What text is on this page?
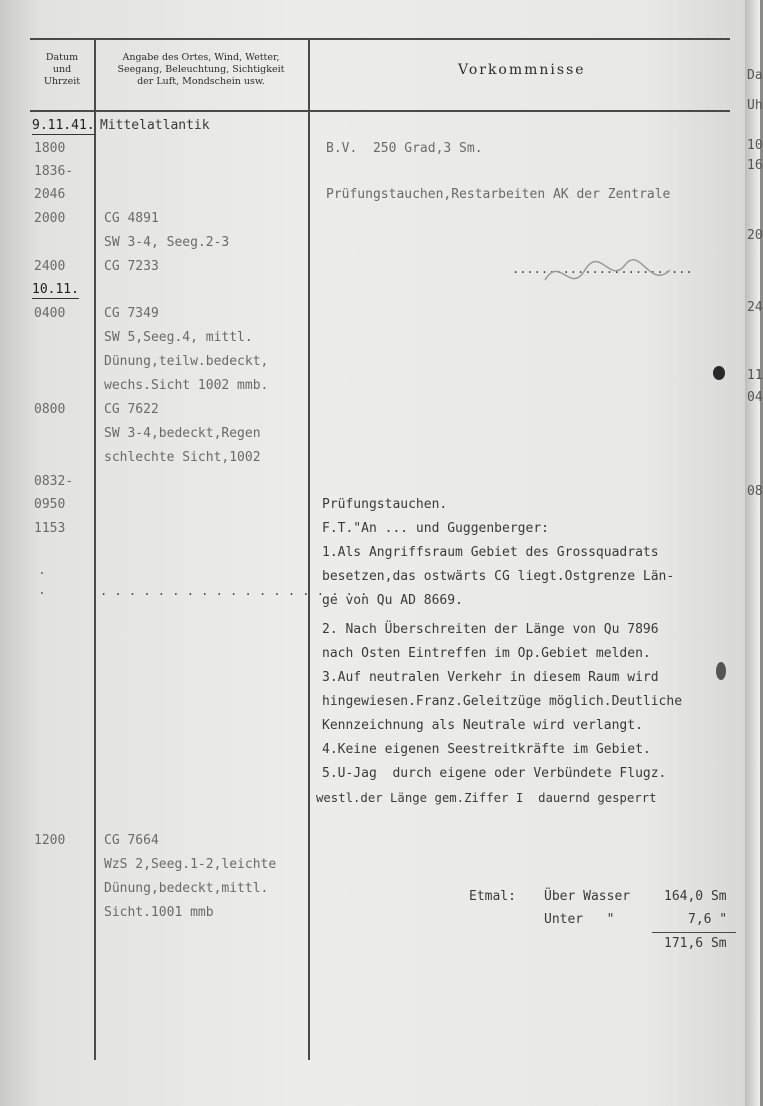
Datum
und
Uhrzeit
Angabe des Ortes, Wind, Wetter,
Seegang, Beleuchtung, Sichtigkeit
der Luft, Mondschein usw.
Vorkommnisse
9.11.41. Mittelatlantik
1800
1836-
2046
2000
2400
10.11.
0400
0800
0832-
0950
1153
.
.
1200
CG 4891
SW 3-4, Seeg.2-3
CG 7233
CG 7349
SW 5,Seeg.4, mittl.
Dünung,teilw.bedeckt,
wechs.Sicht 1002 mmb.
CG 7622
SW 3-4,bedeckt,Regen
schlechte Sicht,1002
. . . . . . . . . . . . . . . . . . .
CG 7664
WzS 2,Seeg.1-2,leichte
Dünung,bedeckt,mittl.
Sicht.1001 mmb
B.V.  250 Grad,3 Sm.
Prüfungstauchen,Restarbeiten AK der Zentrale
.........................
Prüfungstauchen.
F.T."An ... und Guggenberger:
1.Als Angriffsraum Gebiet des Grossquadrats
besetzen,das ostwärts CG liegt.Ostgrenze Län-
ge von Qu AD 8669.
2. Nach Überschreiten der Länge von Qu 7896
nach Osten Eintreffen im Op.Gebiet melden.
3.Auf neutralen Verkehr in diesem Raum wird
hingewiesen.Franz.Geleitzüge möglich.Deutliche
Kennzeichnung als Neutrale wird verlangt.
4.Keine eigenen Seestreitkräfte im Gebiet.
5.U-Jag  durch eigene oder Verbündete Flugz.
westl.der Länge gem.Ziffer I  dauernd gesperrt
Etmal: Über Wasser	164,0 Sm
Unter   "	7,6 "
171,6 Sm
Da
Uh
10
16
20
24
04
08
11
